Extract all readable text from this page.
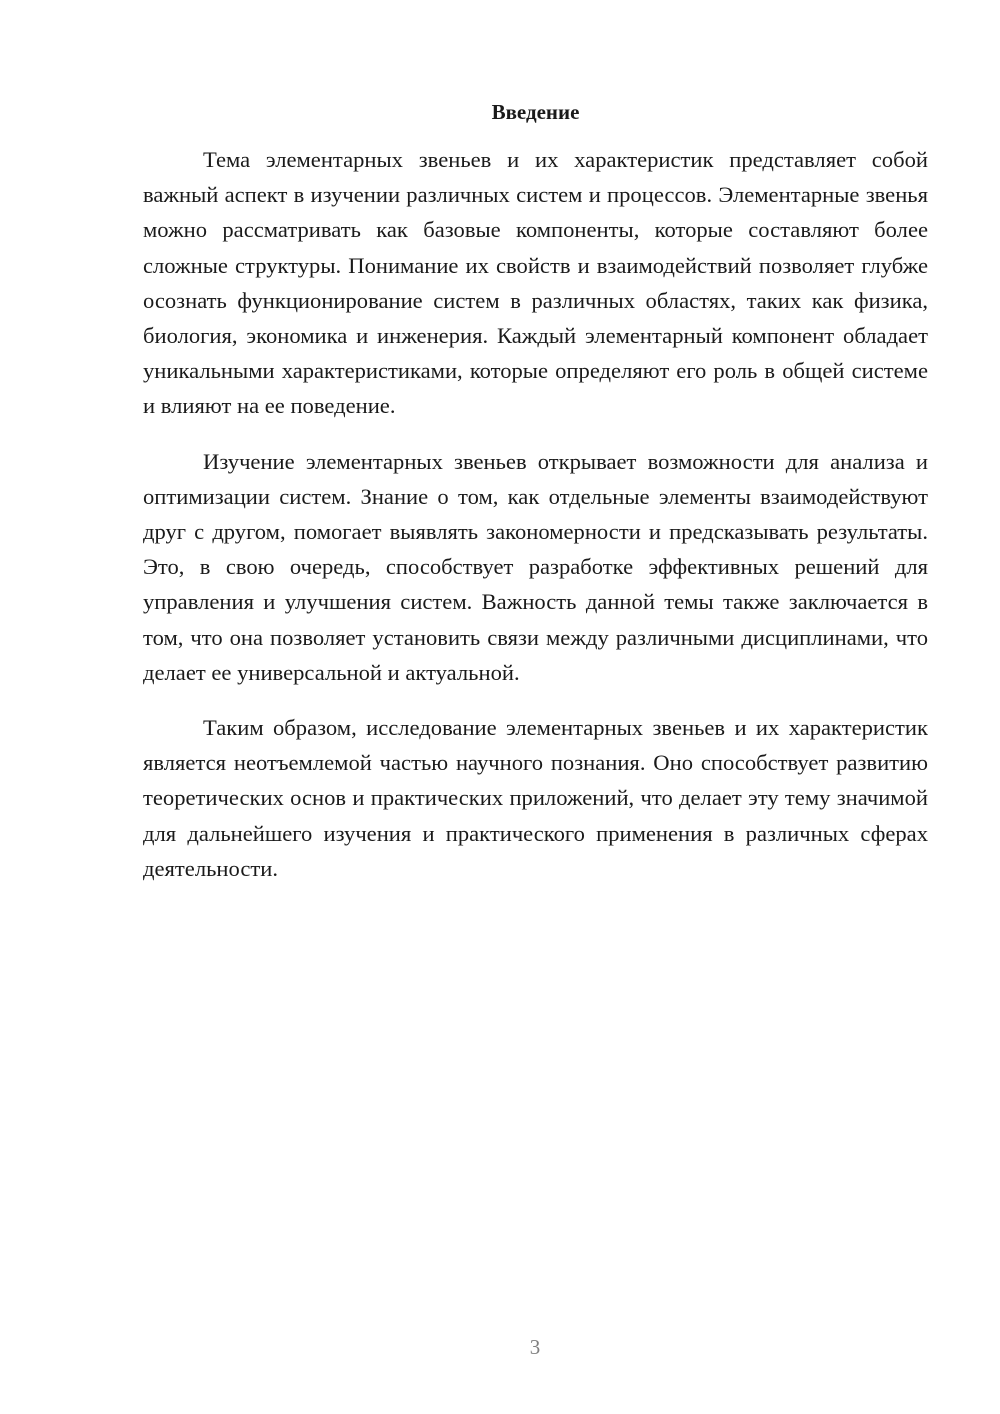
Введение

Тема элементарных звеньев и их характеристик представляет собой важный аспект в изучении различных систем и процессов. Элементарные звенья можно рассматривать как базовые компоненты, которые составляют более сложные структуры. Понимание их свойств и взаимодействий позволяет глубже осознать функционирование систем в различных областях, таких как физика, биология, экономика и инженерия. Каждый элементарный компонент обладает уникальными характеристиками, которые определяют его роль в общей системе и влияют на ее поведение.

Изучение элементарных звеньев открывает возможности для анализа и оптимизации систем. Знание о том, как отдельные элементы взаимодействуют друг с другом, помогает выявлять закономерности и предсказывать результаты. Это, в свою очередь, способствует разработке эффективных решений для управления и улучшения систем. Важность данной темы также заключается в том, что она позволяет установить связи между различными дисциплинами, что делает ее универсальной и актуальной.

Таким образом, исследование элементарных звеньев и их характеристик является неотъемлемой частью научного познания. Оно способствует развитию теоретических основ и практических приложений, что делает эту тему значимой для дальнейшего изучения и практического применения в различных сферах деятельности.

3
